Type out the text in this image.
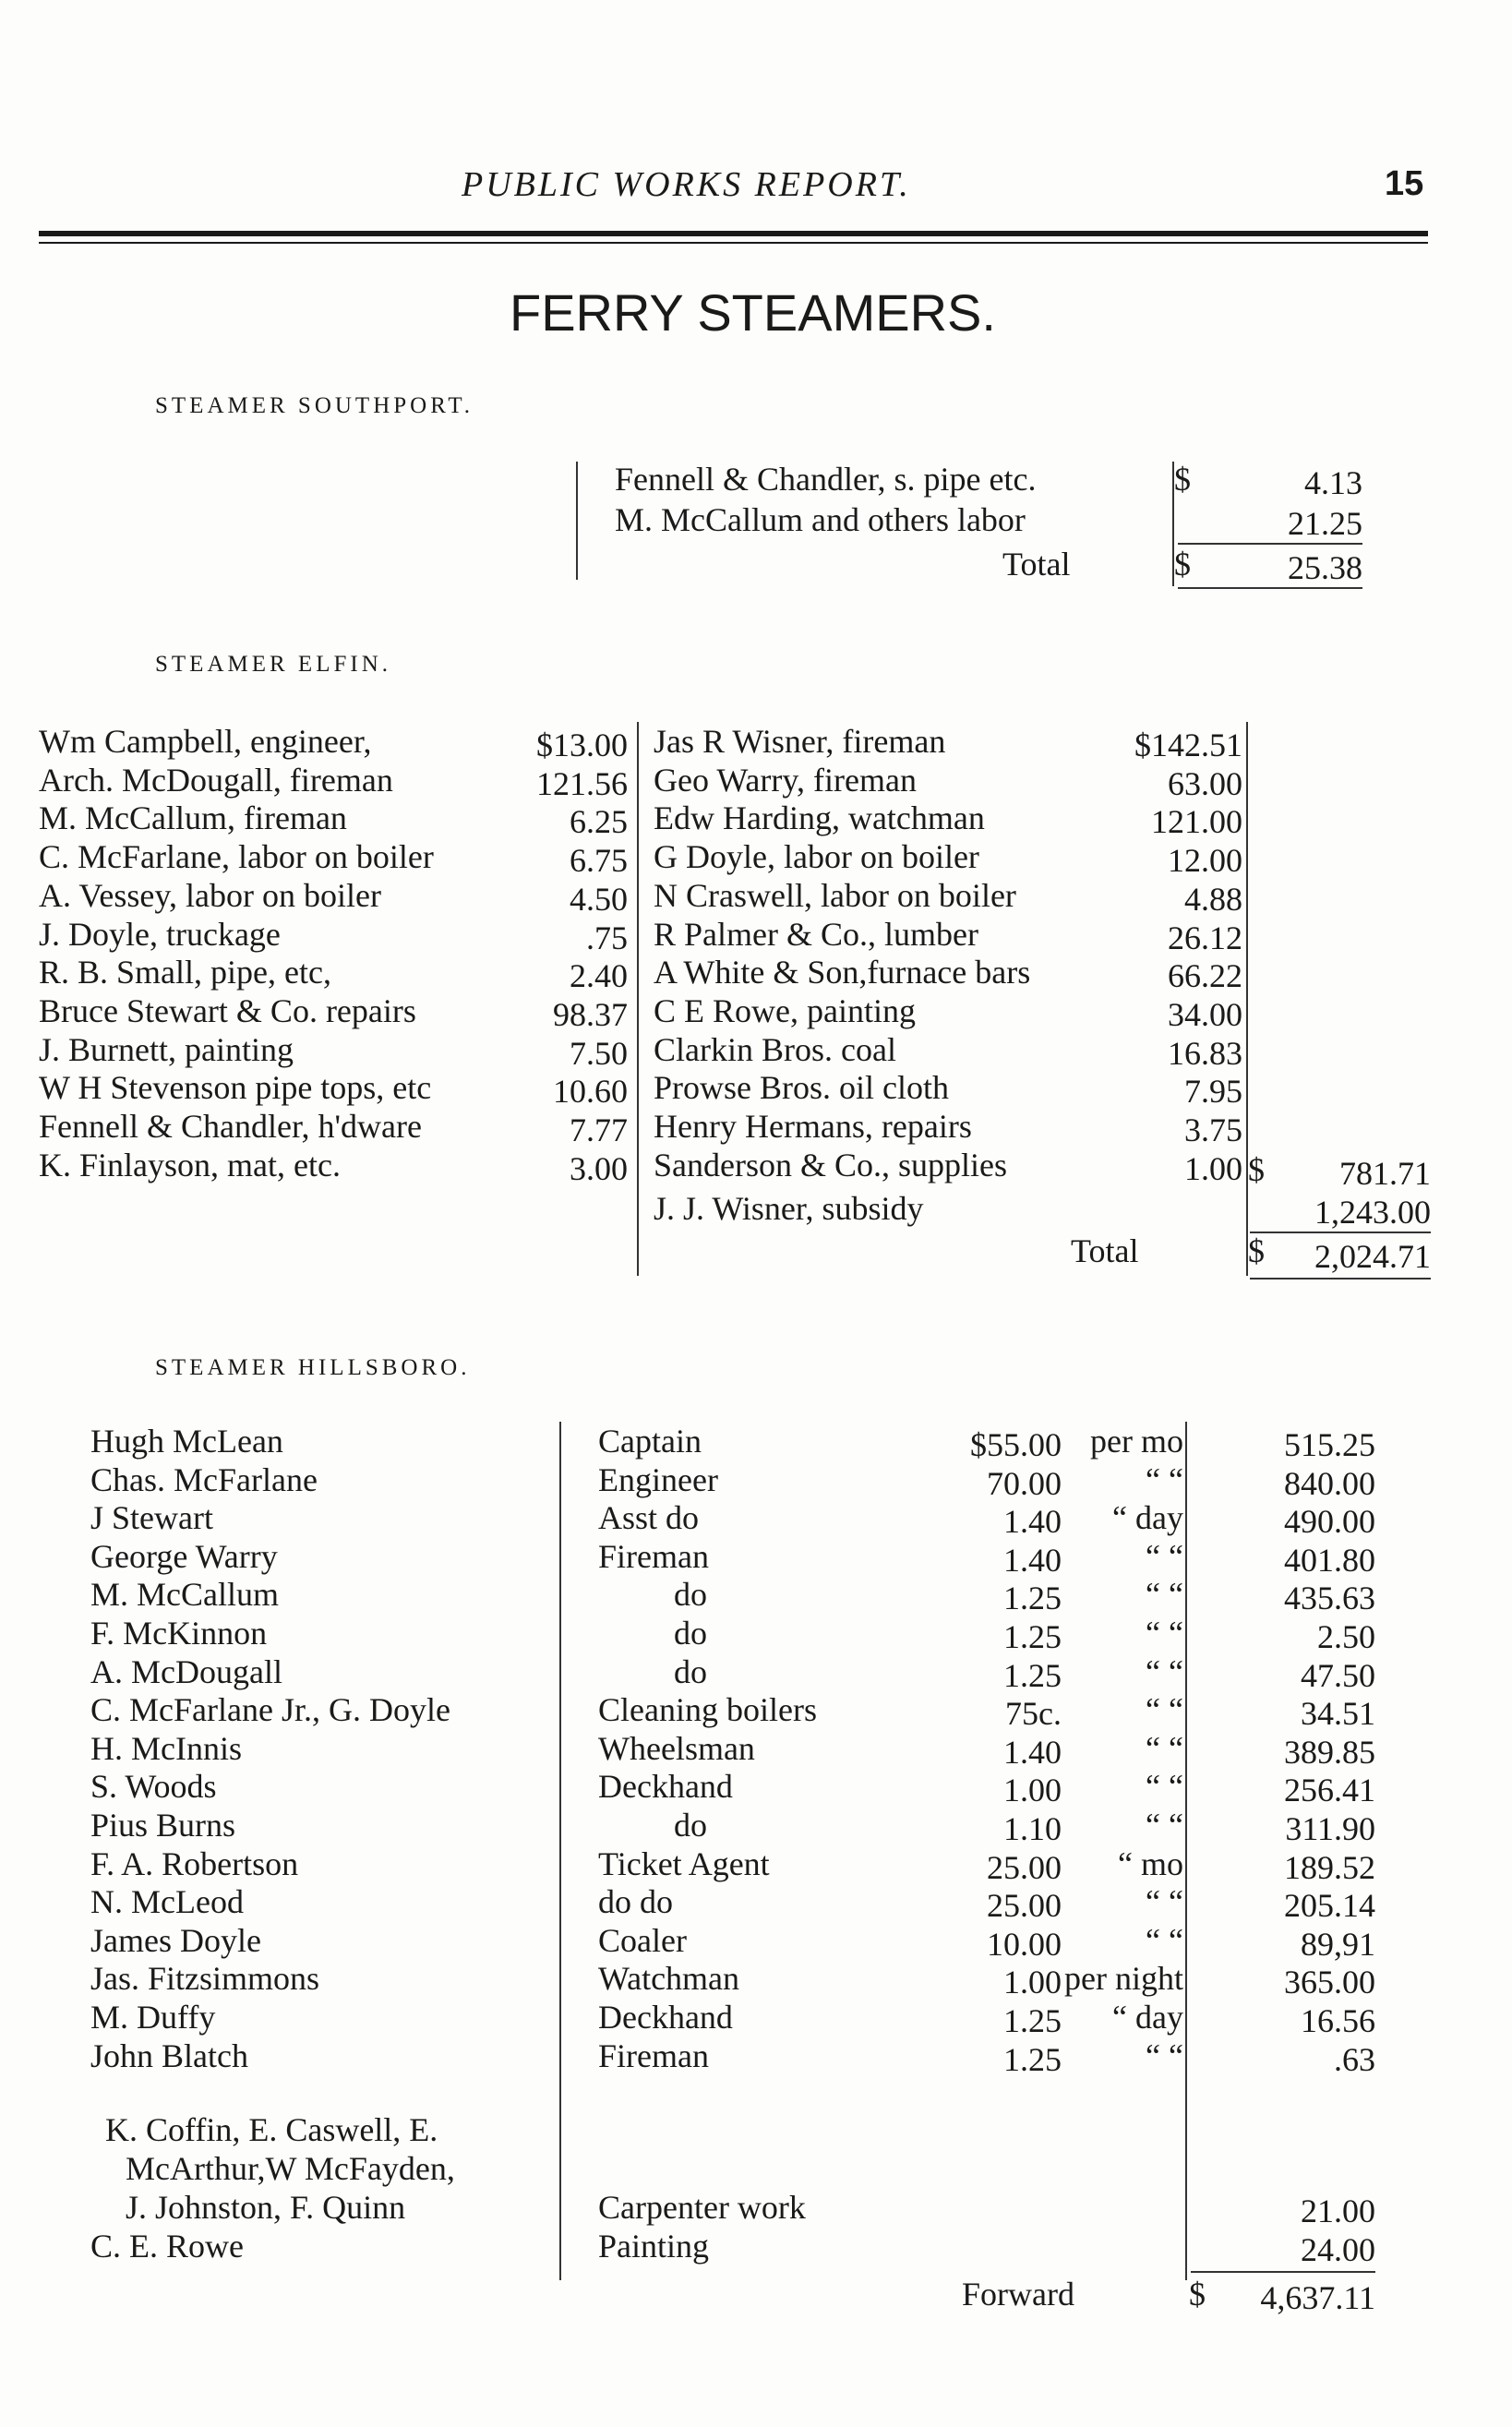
PUBLIC WORKS REPORT.	15
FERRY STEAMERS.
STEAMER SOUTHPORT.
Fennell & Chandler, s. pipe etc.	$	4.13
M. McCallum and others labor	21.25
Total	$	25.38
STEAMER ELFIN.
Wm Campbell, engineer,	$13.00
Arch. McDougall, fireman	121.56
M. McCallum, fireman	6.25
C. McFarlane, labor on boiler	6.75
A. Vessey, labor on boiler	4.50
J. Doyle, truckage	.75
R. B. Small, pipe, etc,	2.40
Bruce Stewart & Co. repairs	98.37
J. Burnett, painting	7.50
W H Stevenson pipe tops, etc	10.60
Fennell & Chandler, h'dware	7.77
K. Finlayson, mat, etc.	3.00
Jas R Wisner, fireman	$142.51
Geo Warry, fireman	63.00
Edw Harding, watchman	121.00
G Doyle, labor on boiler	12.00
N Craswell, labor on boiler	4.88
R Palmer & Co., lumber	26.12
A White & Son,furnace bars	66.22
C E Rowe, painting	34.00
Clarkin Bros. coal	16.83
Prowse Bros. oil cloth	7.95
Henry Hermans, repairs	3.75
Sanderson & Co., supplies	1.00 $	781.71
J. J. Wisner, subsidy	1,243.00
Total	$	2,024.71
STEAMER HILLSBORO.
Hugh McLean	Captain	$55.00 per mo	515.25
Chas. McFarlane	Engineer	70.00	“ “	840.00
J Stewart	Asst do	1.40	“ day	490.00
George Warry	Fireman	1.40	“ “	401.80
M. McCallum	do	1.25	“ “	435.63
F. McKinnon	do	1.25	“ “	2.50
A. McDougall	do	1.25	“ “	47.50
C. McFarlane Jr., G. Doyle	Cleaning boilers	75c.	“ “	34.51
H. McInnis	Wheelsman	1.40	“ “	389.85
S. Woods	Deckhand	1.00	“ “	256.41
Pius Burns	do	1.10	“ “	311.90
F. A. Robertson	Ticket Agent	25.00	“ mo	189.52
N. McLeod	do do	25.00	“ “	205.14
James Doyle	Coaler	10.00	“ “	89,91
Jas. Fitzsimmons	Watchman	1.00 per night	365.00
M. Duffy	Deckhand	1.25	“ day	16.56
John Blatch	Fireman	1.25	“ “	.63
K. Coffin, E. Caswell, E.
McArthur,W McFayden,
J. Johnston, F. Quinn	Carpenter work	21.00
C. E. Rowe	Painting	24.00
Forward	$	4,637.11
